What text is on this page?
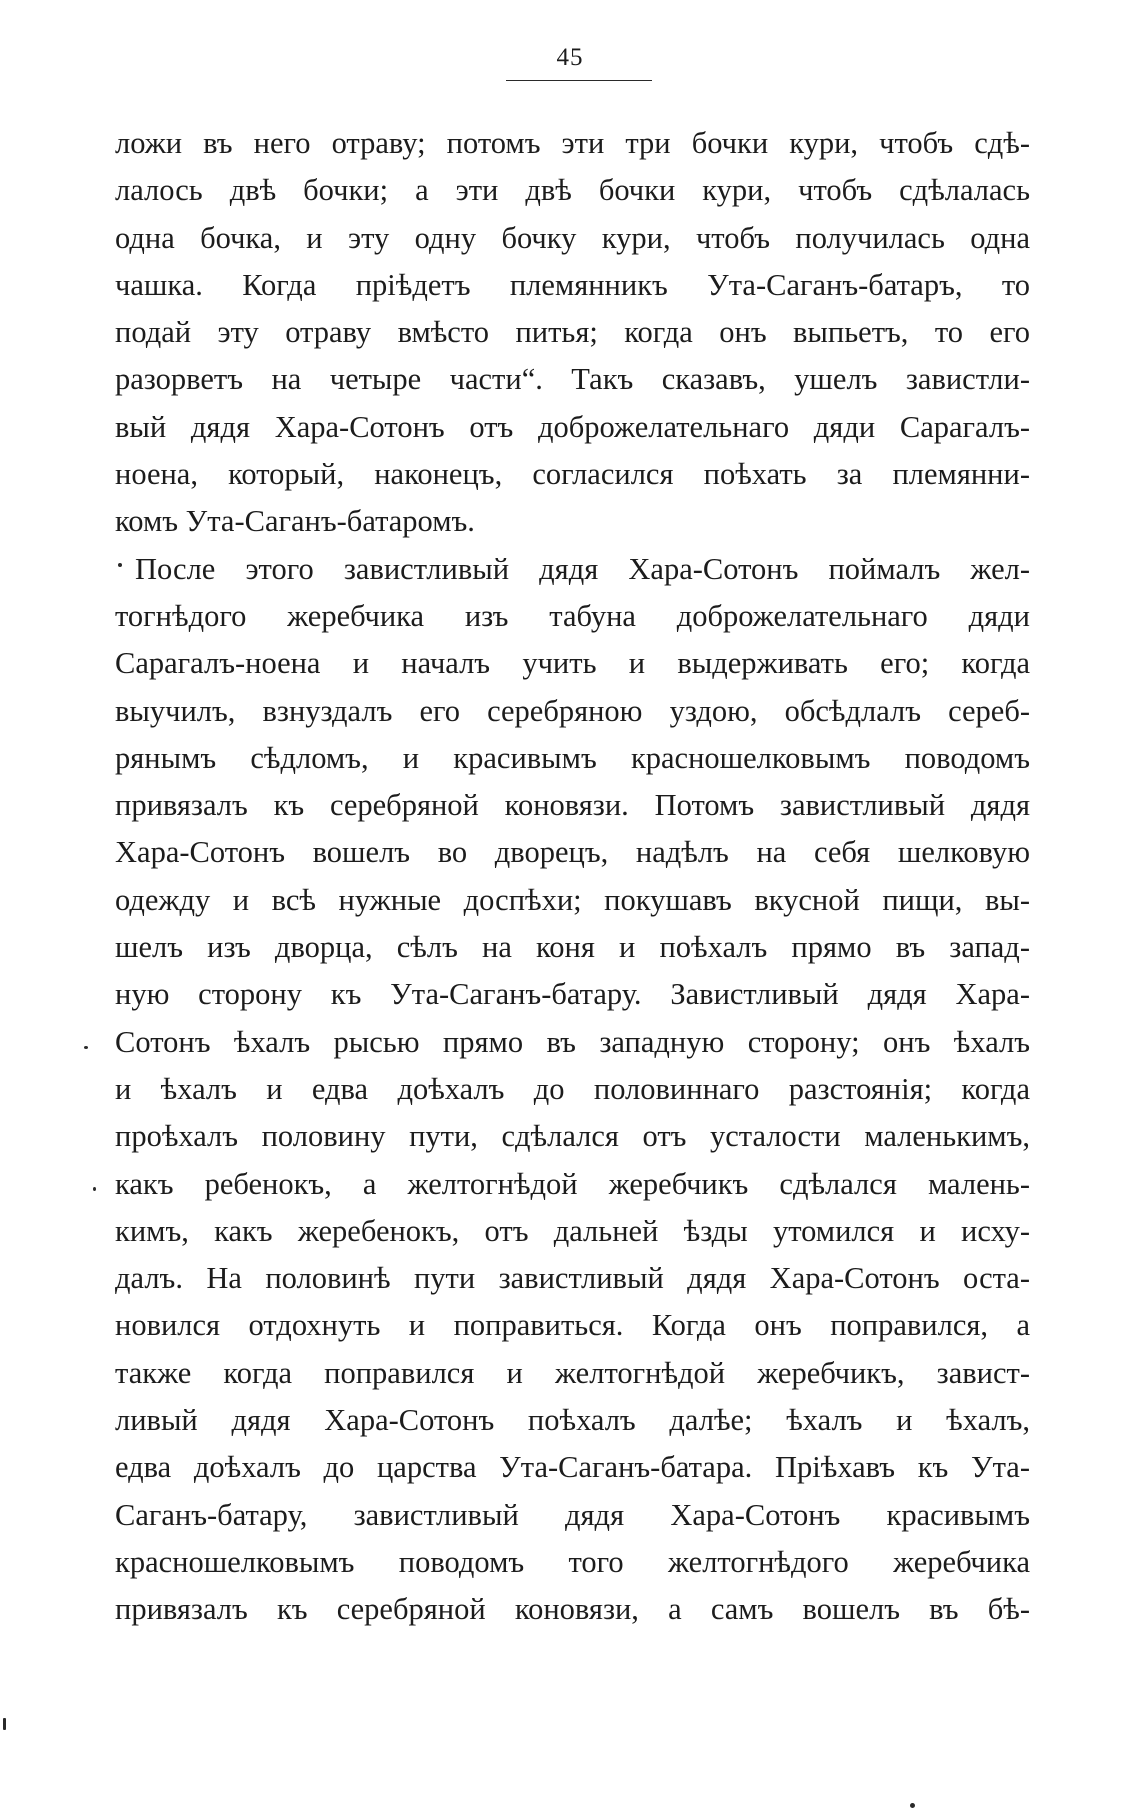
45

ложи въ него отраву; потомъ эти три бочки кури, чтобъ сдѣ-
лалось двѣ бочки; а эти двѣ бочки кури, чтобъ сдѣлалась
одна бочка, и эту одну бочку кури, чтобъ получилась одна
чашка. Когда пріѣдетъ племянникъ Ута-Саганъ-батаръ, то
подай эту отраву вмѣсто питья; когда онъ выпьетъ, то его
разорветъ на четыре части“. Такъ сказавъ, ушелъ завистли-
вый дядя Хара-Сотонъ отъ доброжелательнаго дяди Сарагалъ-
ноена, который, наконецъ, согласился поѣхать за племянни-
комъ Ута-Саганъ-батаромъ.

После этого завистливый дядя Хара-Сотонъ поймалъ жел-
тогнѣдого жеребчика изъ табуна доброжелательнаго дяди
Сарагалъ-ноена и началъ учить и выдерживать его; когда
выучилъ, взнуздалъ его серебряною уздою, обсѣдлалъ сереб-
рянымъ сѣдломъ, и красивымъ красношелковымъ поводомъ
привязалъ къ серебряной коновязи. Потомъ завистливый дядя
Хара-Сотонъ вошелъ во дворецъ, надѣлъ на себя шелковую
одежду и всѣ нужные доспѣхи; покушавъ вкусной пищи, вы-
шелъ изъ дворца, сѣлъ на коня и поѣхалъ прямо въ запад-
ную сторону къ Ута-Саганъ-батару. Завистливый дядя Хара-
Сотонъ ѣхалъ рысью прямо въ западную сторону; онъ ѣхалъ
и ѣхалъ и едва доѣхалъ до половиннаго разстоянія; когда
проѣхалъ половину пути, сдѣлался отъ усталости маленькимъ,
какъ ребенокъ, а желтогнѣдой жеребчикъ сдѣлался малень-
кимъ, какъ жеребенокъ, отъ дальней ѣзды утомился и исху-
далъ. На половинѣ пути завистливый дядя Хара-Сотонъ оста-
новился отдохнуть и поправиться. Когда онъ поправился, а
также когда поправился и желтогнѣдой жеребчикъ, завист-
ливый дядя Хара-Сотонъ поѣхалъ далѣе; ѣхалъ и ѣхалъ,
едва доѣхалъ до царства Ута-Саганъ-батара. Пріѣхавъ къ Ута-
Саганъ-батару, завистливый дядя Хара-Сотонъ красивымъ
красношелковымъ поводомъ того желтогнѣдого жеребчика
привязалъ къ серебряной коновязи, а самъ вошелъ въ бѣ-
